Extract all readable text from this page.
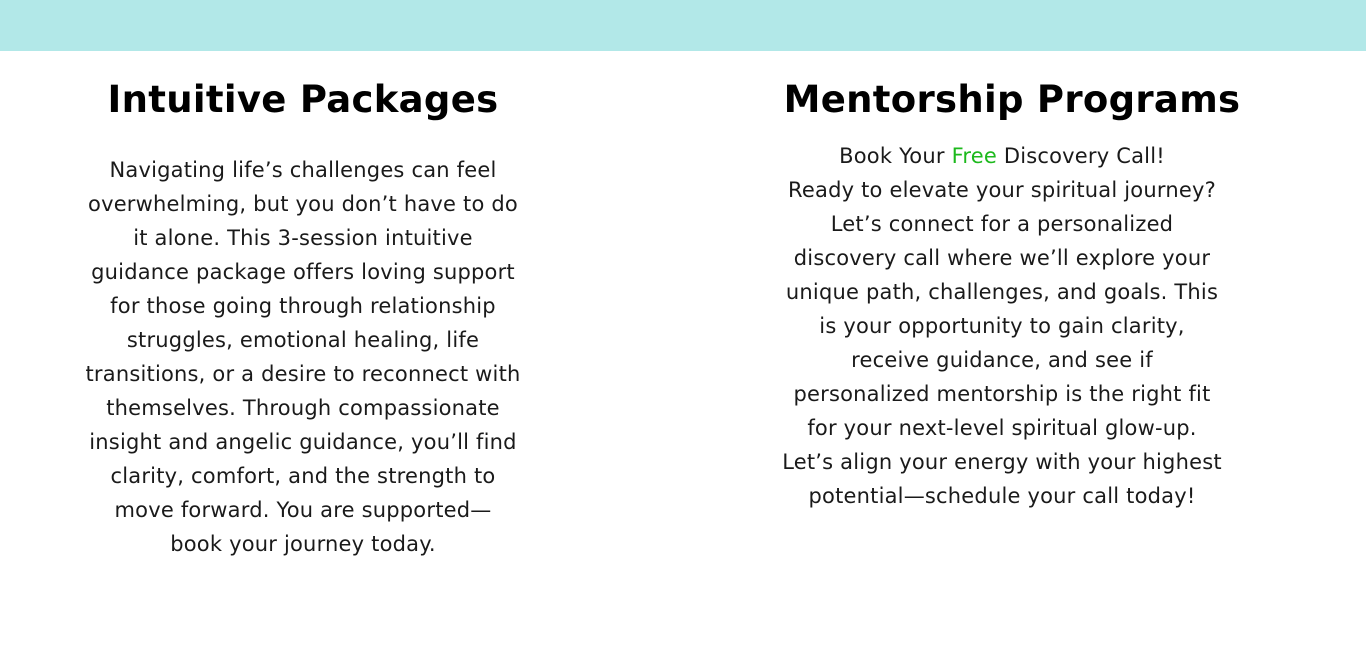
Intuitive Packages
Navigating life’s challenges can feel
overwhelming, but you don’t have to do
it alone. This 3-session intuitive
guidance package offers loving support
for those going through relationship
struggles, emotional healing, life
transitions, or a desire to reconnect with
themselves. Through compassionate
insight and angelic guidance, you’ll find
clarity, comfort, and the strength to
move forward. You are supported—
book your journey today.
Mentorship Programs
Book Your Free Discovery Call!
Ready to elevate your spiritual journey?
Let’s connect for a personalized
discovery call where we’ll explore your
unique path, challenges, and goals. This
is your opportunity to gain clarity,
receive guidance, and see if
personalized mentorship is the right fit
for your next-level spiritual glow-up.
Let’s align your energy with your highest
potential—schedule your call today!
